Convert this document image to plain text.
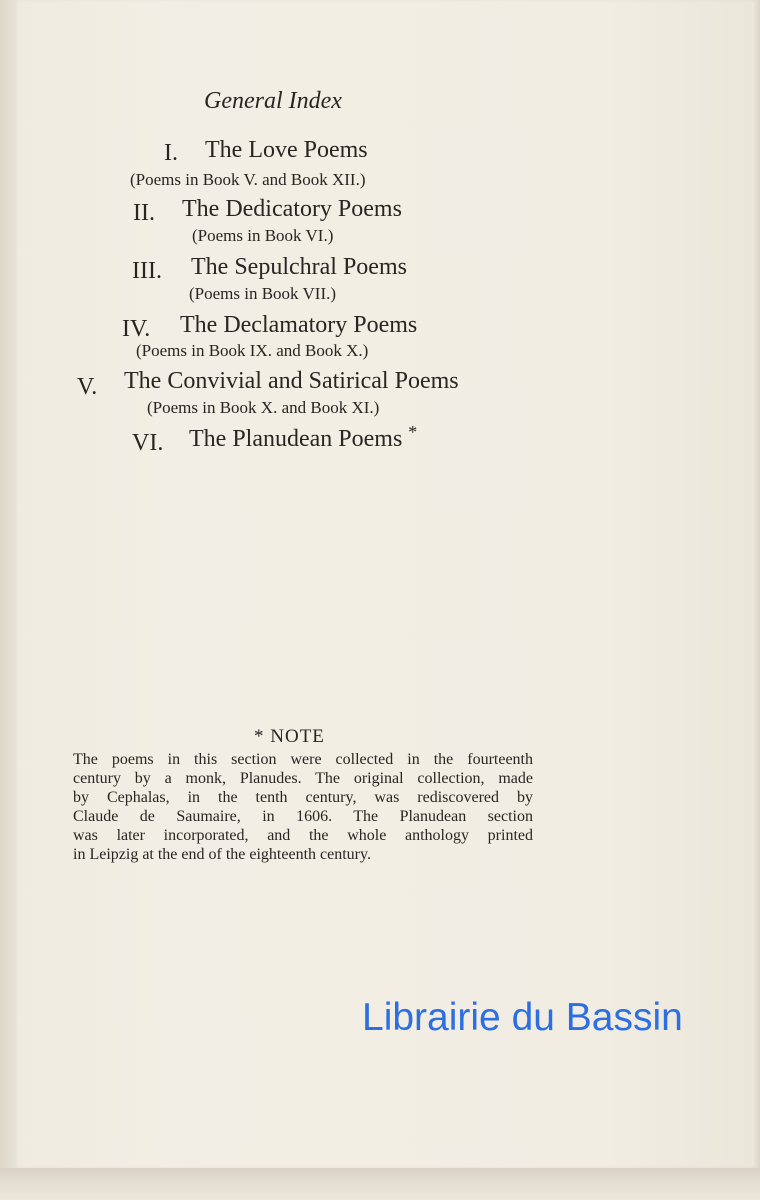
General Index
I. The Love Poems
(Poems in Book V. and Book XII.)
II. The Dedicatory Poems
(Poems in Book VI.)
III. The Sepulchral Poems
(Poems in Book VII.)
IV. The Declamatory Poems
(Poems in Book IX. and Book X.)
V. The Convivial and Satirical Poems
(Poems in Book X. and Book XI.)
VI. The Planudean Poems *
* NOTE
The poems in this section were collected in the fourteenth
century by a monk, Planudes. The original collection, made
by Cephalas, in the tenth century, was rediscovered by
Claude de Saumaire, in 1606. The Planudean section
was later incorporated, and the whole anthology printed
in Leipzig at the end of the eighteenth century.
Librairie du Bassin
